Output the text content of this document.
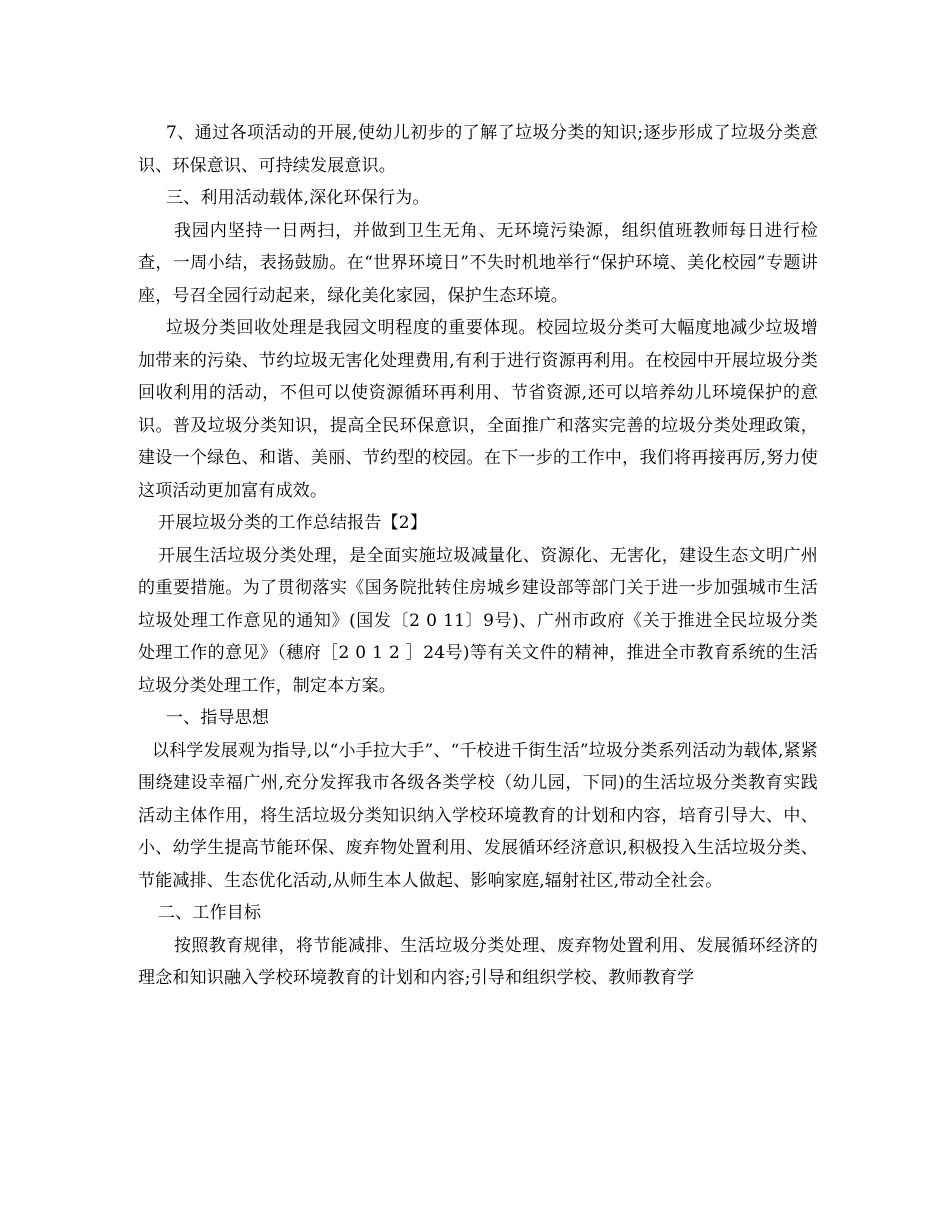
7、通过各项活动的开展,使幼儿初步的了解了垃圾分类的知识;逐步形成了垃圾分类意识、环保意识、可持续发展意识。

三、利用活动载体,深化环保行为。

我园内坚持一日两扫，并做到卫生无角、无环境污染源，组织值班教师每日进行检查，一周小结，表扬鼓励。在“世界环境日”不失时机地举行“保护环境、美化校园”专题讲座，号召全园行动起来，绿化美化家园，保护生态环境。

垃圾分类回收处理是我园文明程度的重要体现。校园垃圾分类可大幅度地减少垃圾增加带来的污染、节约垃圾无害化处理费用,有利于进行资源再利用。在校园中开展垃圾分类回收利用的活动，不但可以使资源循环再利用、节省资源,还可以培养幼儿环境保护的意识。普及垃圾分类知识，提高全民环保意识，全面推广和落实完善的垃圾分类处理政策，建设一个绿色、和谐、美丽、节约型的校园。在下一步的工作中，我们将再接再厉,努力使这项活动更加富有成效。

开展垃圾分类的工作总结报告【2】

开展生活垃圾分类处理，是全面实施垃圾减量化、资源化、无害化，建设生态文明广州的重要措施。为了贯彻落实《国务院批转住房城乡建设部等部门关于进一步加强城市生活垃圾处理工作意见的通知》(国发〔2 0 11〕9号)、广州市政府《关于推进全民垃圾分类处理工作的意见》（穗府［2 0 1 2 ］24号)等有关文件的精神，推进全市教育系统的生活垃圾分类处理工作，制定本方案。

一、指导思想

以科学发展观为指导,以“小手拉大手”、“千校进千街生活”垃圾分类系列活动为载体,紧紧围绕建设幸福广州,充分发挥我市各级各类学校（幼儿园，下同)的生活垃圾分类教育实践活动主体作用，将生活垃圾分类知识纳入学校环境教育的计划和内容，培育引导大、中、小、幼学生提高节能环保、废弃物处置利用、发展循环经济意识,积极投入生活垃圾分类、节能减排、生态优化活动,从师生本人做起、影响家庭,辐射社区,带动全社会。

二、工作目标

按照教育规律，将节能减排、生活垃圾分类处理、废弃物处置利用、发展循环经济的理念和知识融入学校环境教育的计划和内容;引导和组织学校、教师教育学
